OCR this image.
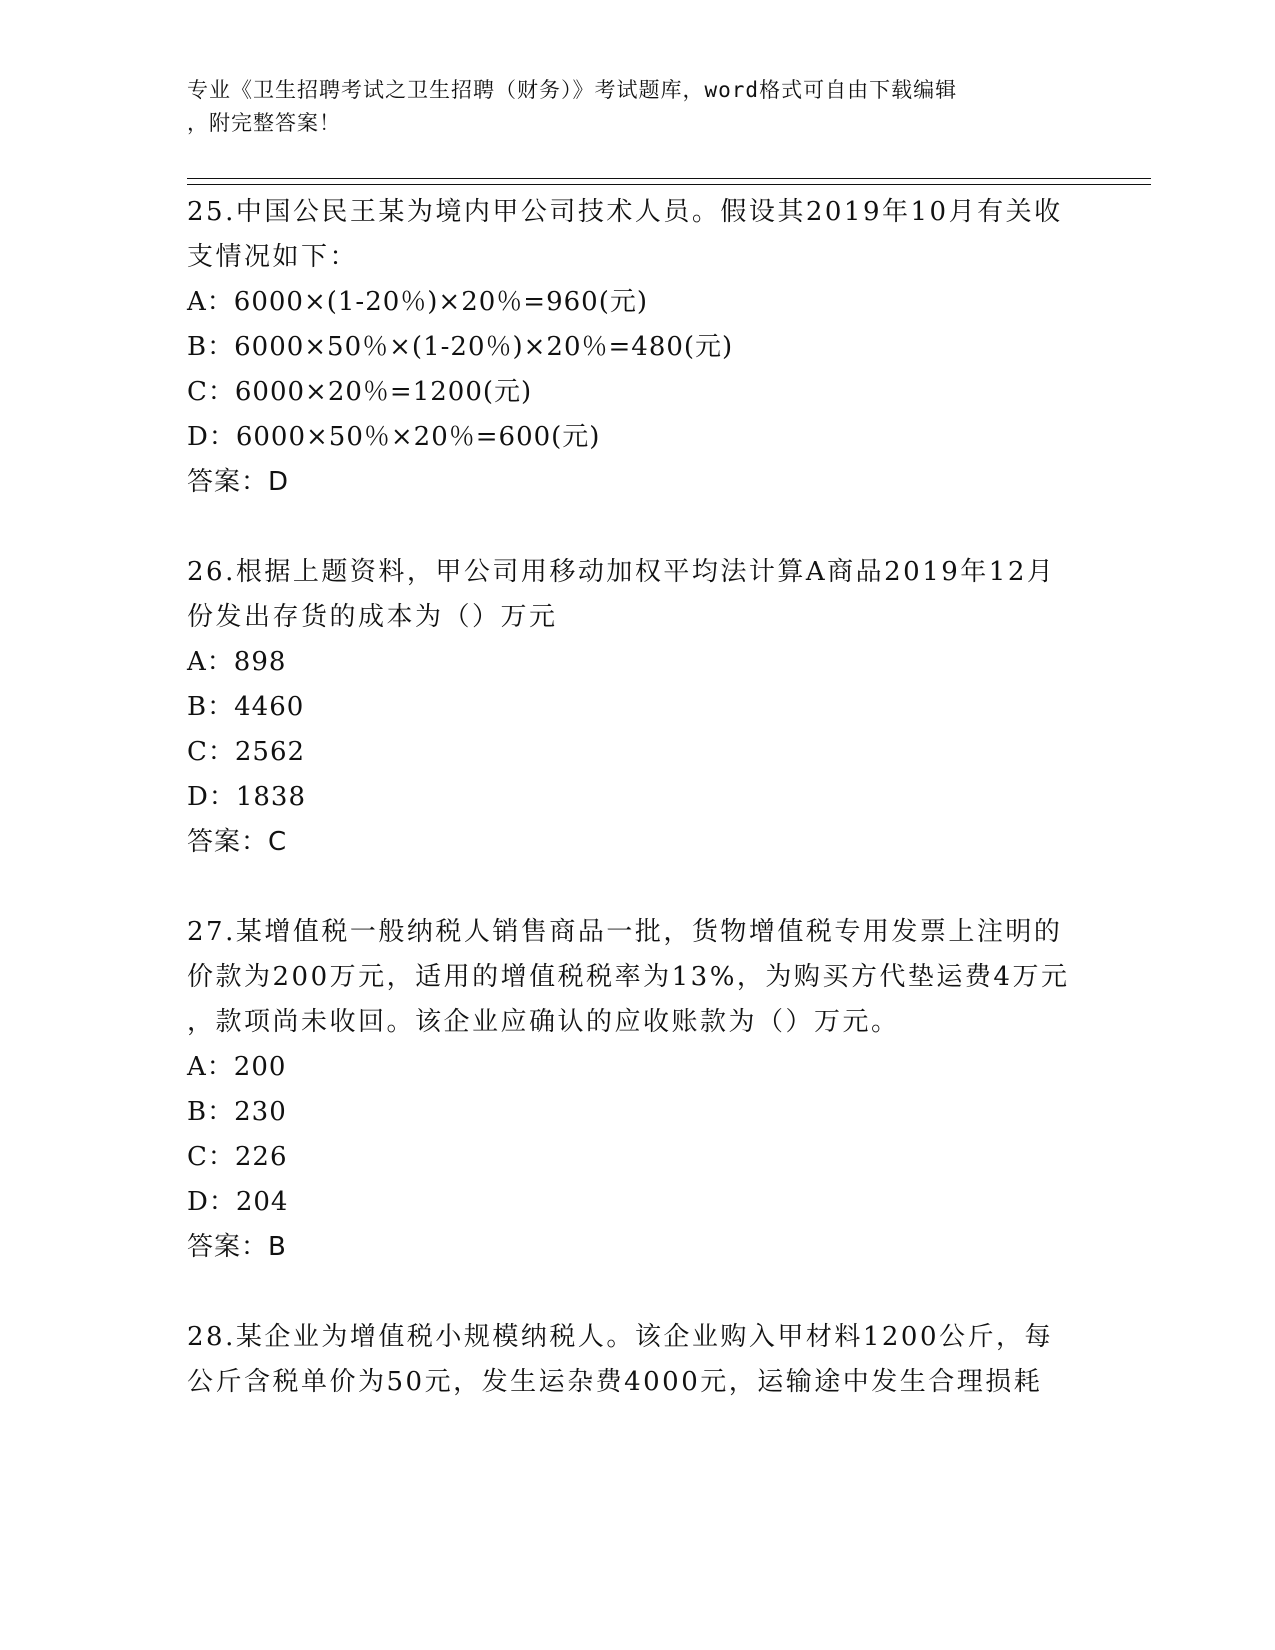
专业《卫生招聘考试之卫生招聘（财务）》考试题库，word格式可自由下载编辑
，附完整答案！
25.中国公民王某为境内甲公司技术人员。假设其2019年10月有关收
支情况如下：
A：6000×(1-20％)×20％=960(元)
B：6000×50％×(1-20％)×20％=480(元)
C：6000×20％=1200(元)
D：6000×50％×20％=600(元)
答案：D
26.根据上题资料，甲公司用移动加权平均法计算A商品2019年12月
份发出存货的成本为（）万元
A：898
B：4460
C：2562
D：1838
答案：C
27.某增值税一般纳税人销售商品一批，货物增值税专用发票上注明的
价款为200万元，适用的增值税税率为13%，为购买方代垫运费4万元
，款项尚未收回。该企业应确认的应收账款为（）万元。
A：200
B：230
C：226
D：204
答案：B
28.某企业为增值税小规模纳税人。该企业购入甲材料1200公斤，每
公斤含税单价为50元，发生运杂费4000元，运输途中发生合理损耗
